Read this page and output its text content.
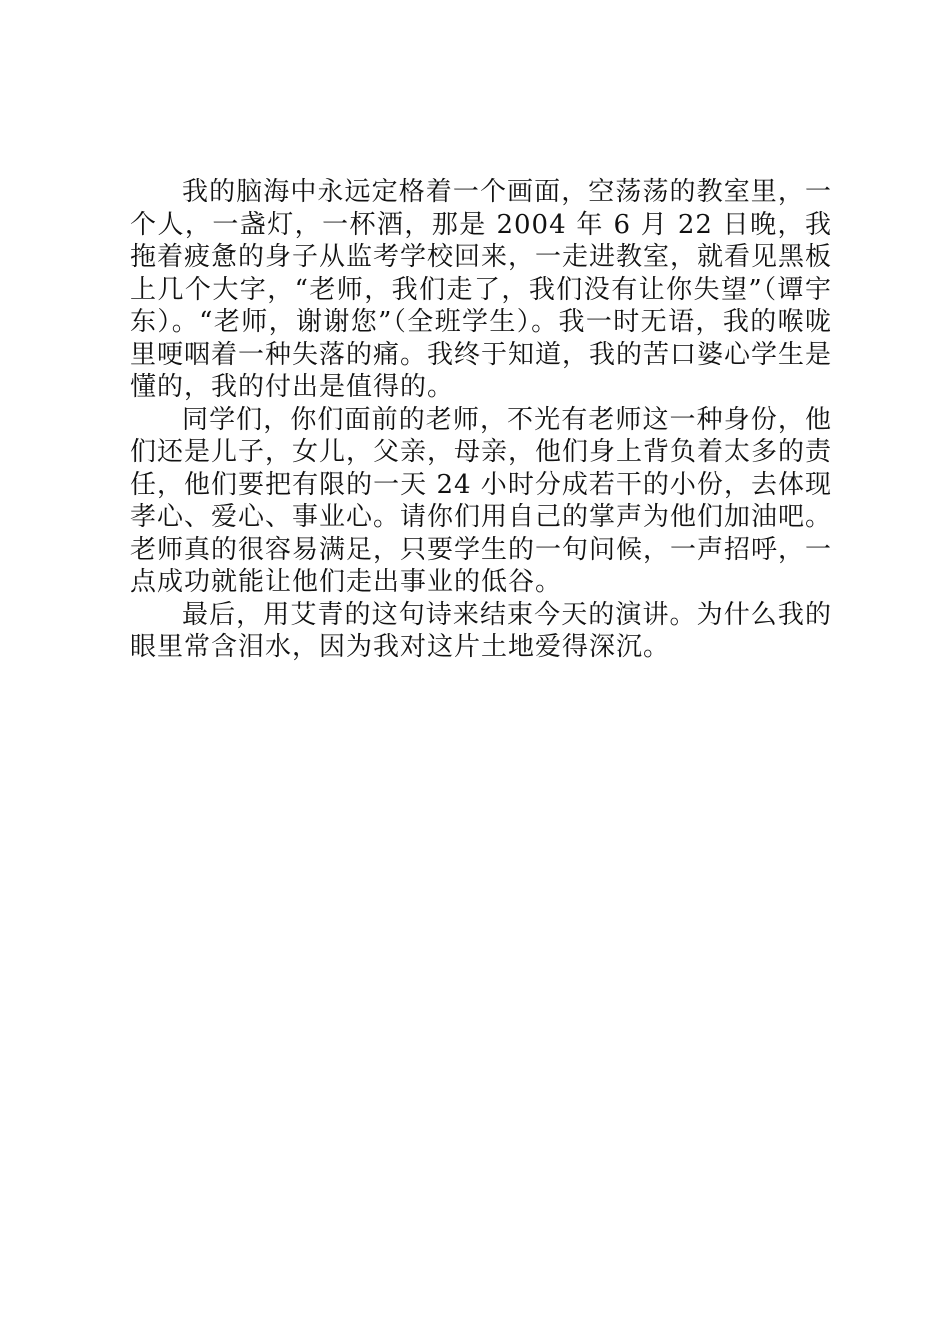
我的脑海中永远定格着一个画面，空荡荡的教室里，一个人，一盏灯，一杯酒，那是 2004 年 6 月 22 日晚，我拖着疲惫的身子从监考学校回来，一走进教室，就看见黑板上几个大字，“老师，我们走了，我们没有让你失望”（谭宇东）。“老师，谢谢您”（全班学生）。我一时无语，我的喉咙里哽咽着一种失落的痛。我终于知道，我的苦口婆心学生是懂的，我的付出是值得的。

同学们，你们面前的老师，不光有老师这一种身份，他们还是儿子，女儿，父亲，母亲，他们身上背负着太多的责任，他们要把有限的一天 24 小时分成若干的小份，去体现孝心、爱心、事业心。请你们用自己的掌声为他们加油吧。老师真的很容易满足，只要学生的一句问候，一声招呼，一点成功就能让他们走出事业的低谷。

最后，用艾青的这句诗来结束今天的演讲。为什么我的眼里常含泪水，因为我对这片土地爱得深沉。
